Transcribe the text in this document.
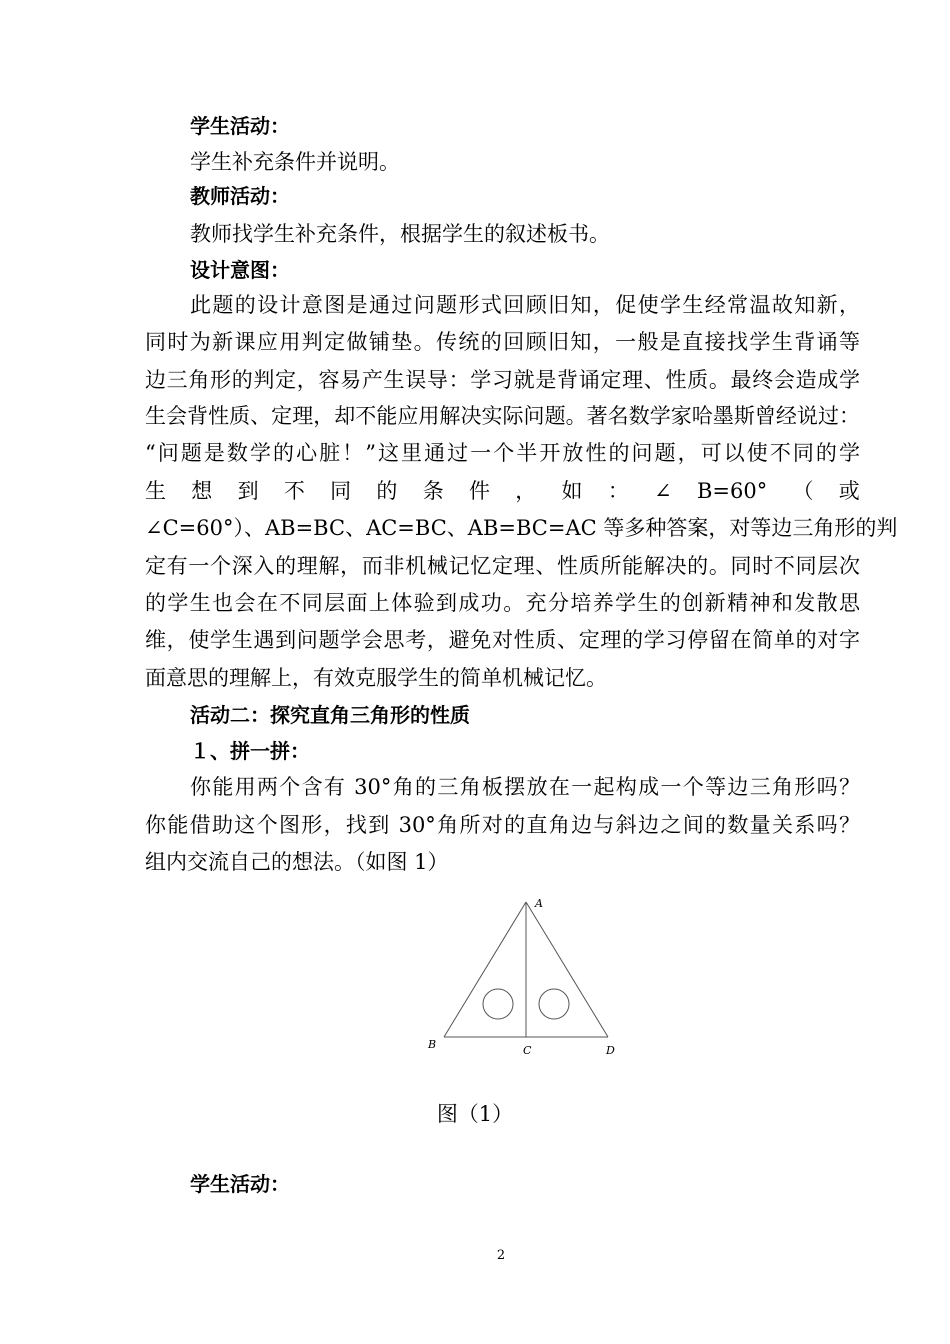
学生活动：
学生补充条件并说明。
教师活动：
教师找学生补充条件，根据学生的叙述板书。
设计意图：
此题的设计意图是通过问题形式回顾旧知，促使学生经常温故知新，
同时为新课应用判定做铺垫。传统的回顾旧知，一般是直接找学生背诵等
边三角形的判定，容易产生误导：学习就是背诵定理、性质。最终会造成学
生会背性质、定理，却不能应用解决实际问题。著名数学家哈墨斯曾经说过：
“问题是数学的心脏！”这里通过一个半开放性的问题，可以使不同的学
生 想 到 不 同 的 条 件 ， 如 ： ∠ B=60° （ 或
∠C=60°）、AB=BC、AC=BC、AB=BC=AC 等多种答案，对等边三角形的判
定有一个深入的理解，而非机械记忆定理、性质所能解决的。同时不同层次
的学生也会在不同层面上体验到成功。充分培养学生的创新精神和发散思
维，使学生遇到问题学会思考，避免对性质、定理的学习停留在简单的对字
面意思的理解上，有效克服学生的简单机械记忆。
活动二：探究直角三角形的性质
１、拼一拼：
你能用两个含有 30°角的三角板摆放在一起构成一个等边三角形吗？
你能借助这个图形，找到 30°角所对的直角边与斜边之间的数量关系吗？
组内交流自己的想法。（如图 1）
A
B	C	D
图（1）
学生活动：
2
